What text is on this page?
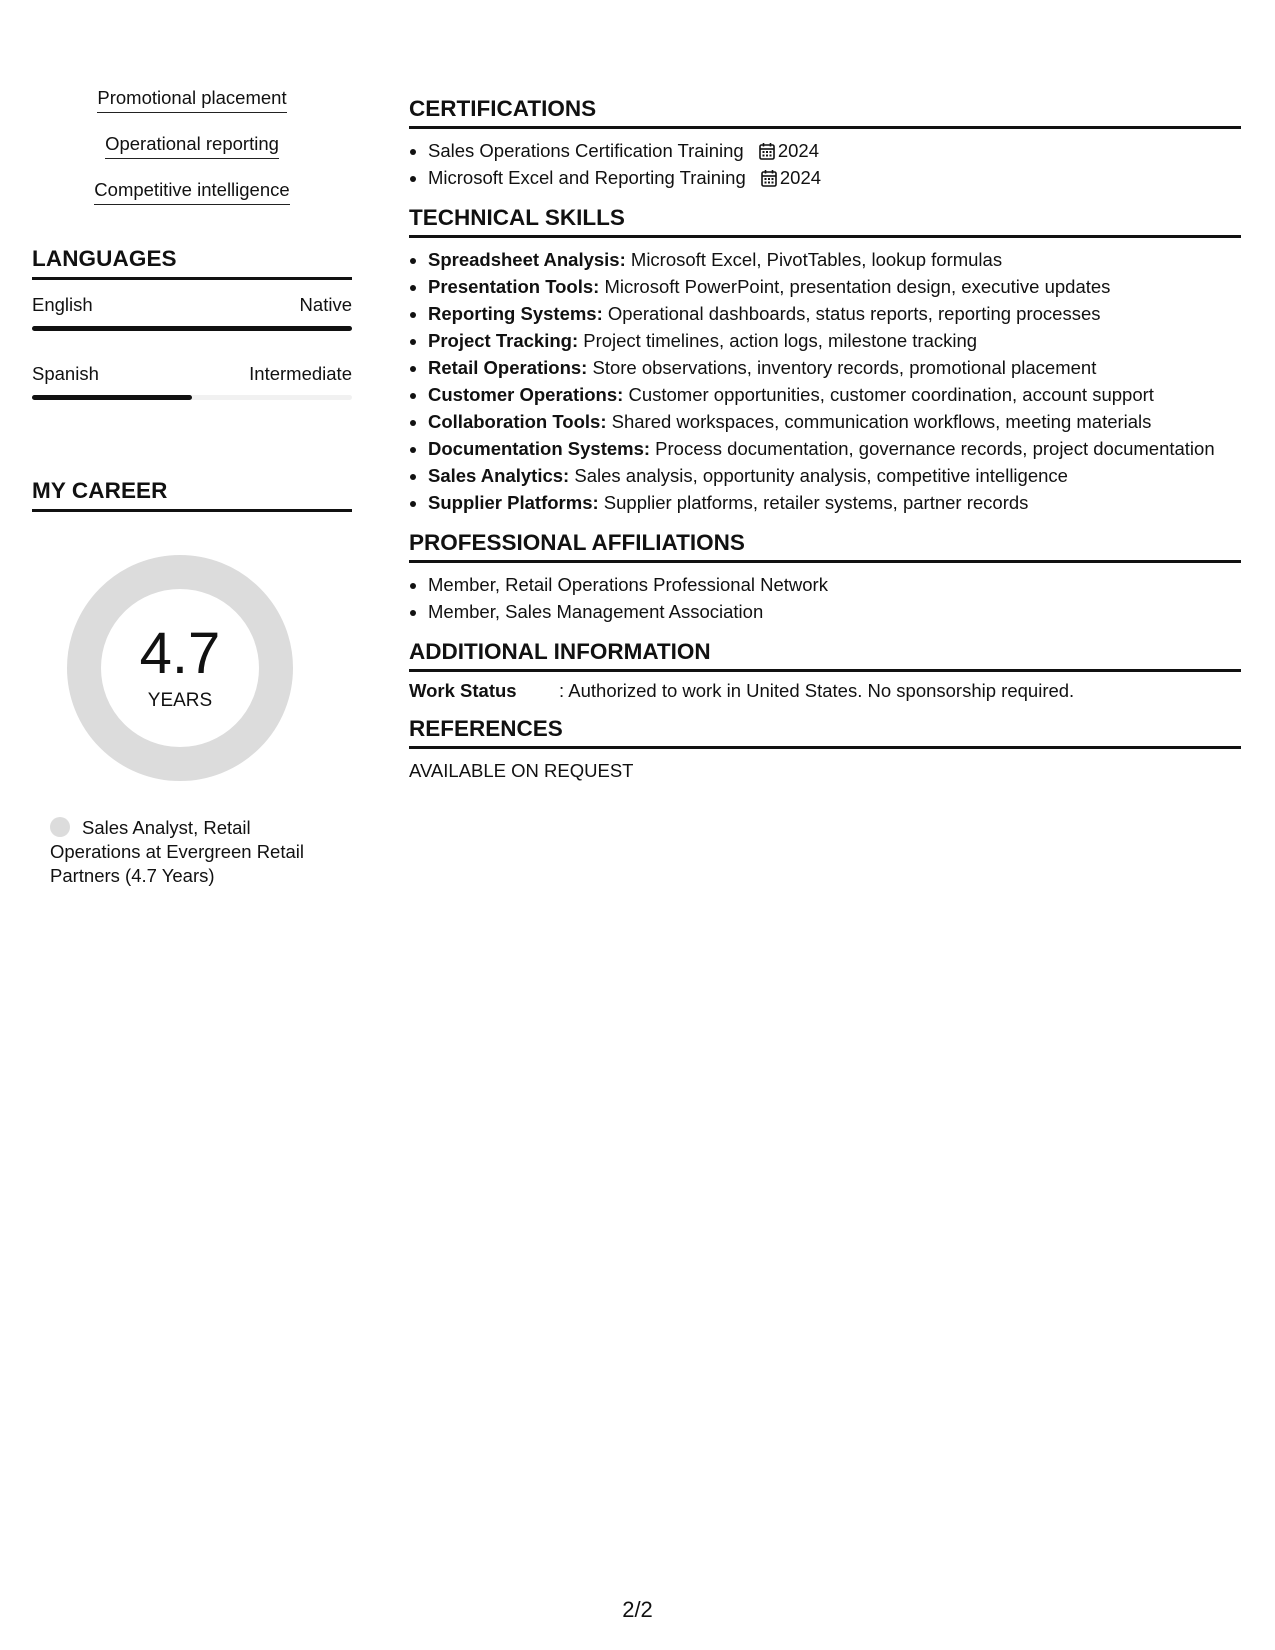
Promotional placement
Operational reporting
Competitive intelligence
LANGUAGES
English	Native
Spanish	Intermediate
MY CAREER
4.7
YEARS
Sales Analyst, Retail Operations at Evergreen Retail Partners (4.7 Years)
CERTIFICATIONS
• Sales Operations Certification Training 2024
• Microsoft Excel and Reporting Training 2024
TECHNICAL SKILLS
• Spreadsheet Analysis: Microsoft Excel, PivotTables, lookup formulas
• Presentation Tools: Microsoft PowerPoint, presentation design, executive updates
• Reporting Systems: Operational dashboards, status reports, reporting processes
• Project Tracking: Project timelines, action logs, milestone tracking
• Retail Operations: Store observations, inventory records, promotional placement
• Customer Operations: Customer opportunities, customer coordination, account support
• Collaboration Tools: Shared workspaces, communication workflows, meeting materials
• Documentation Systems: Process documentation, governance records, project documentation
• Sales Analytics: Sales analysis, opportunity analysis, competitive intelligence
• Supplier Platforms: Supplier platforms, retailer systems, partner records
PROFESSIONAL AFFILIATIONS
• Member, Retail Operations Professional Network
• Member, Sales Management Association
ADDITIONAL INFORMATION
Work Status	: Authorized to work in United States. No sponsorship required.
REFERENCES
AVAILABLE ON REQUEST
2/2
